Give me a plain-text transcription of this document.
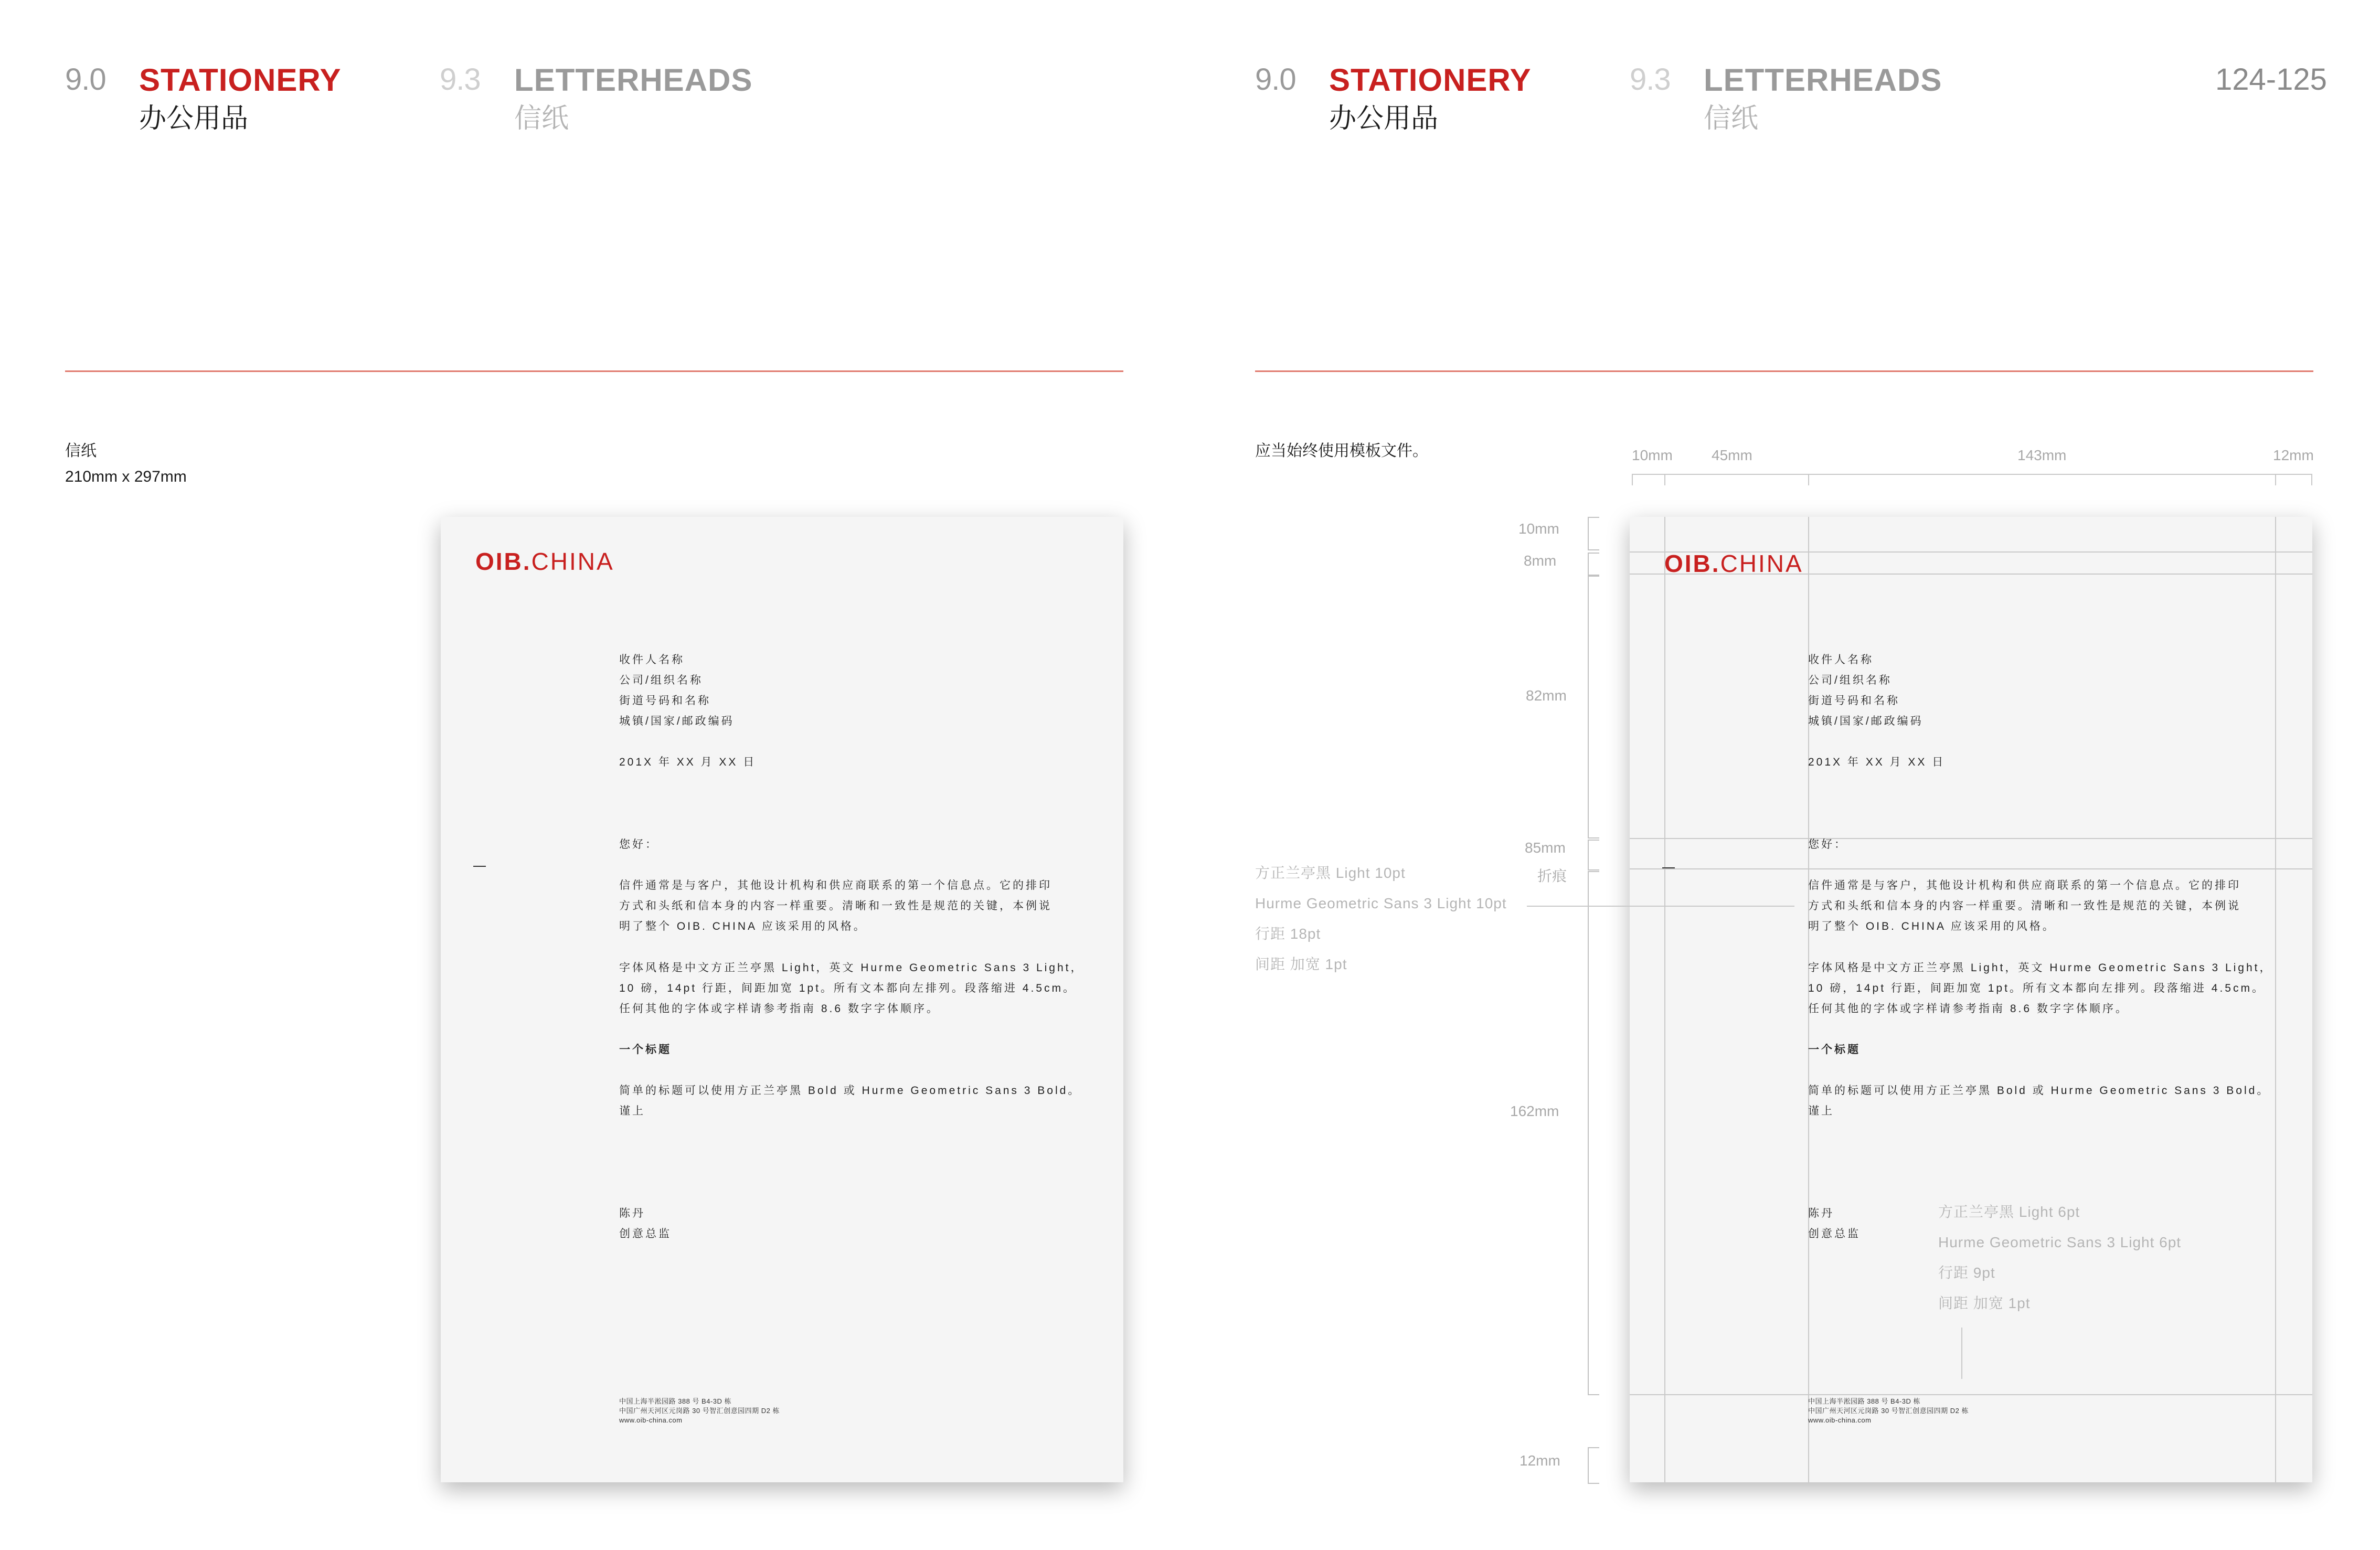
9.0 STATIONERY
办公用品
9.3 LETTERHEADS
信纸
信纸
210mm x 297mm
9.0 STATIONERY
办公用品
9.3 LETTERHEADS
信纸
124-125
应当始终使用模板文件。
OIB.CHINA
收件人名称
公司/组织名称
街道号码和名称
城镇/国家/邮政编码
201X 年 XX 月 XX 日
您好：
信件通常是与客户，其他设计机构和供应商联系的第一个信息点。它的排印
方式和头纸和信本身的内容一样重要。清晰和一致性是规范的关键，本例说
明了整个 OIB. CHINA 应该采用的风格。
字体风格是中文方正兰亭黑 Light，英文 Hurme Geometric Sans 3 Light，
10 磅，14pt 行距，间距加宽 1pt。所有文本都向左排列。段落缩进 4.5cm。
任何其他的字体或字样请参考指南 8.6 数字字体顺序。
一个标题
简单的标题可以使用方正兰亭黑 Bold 或 Hurme Geometric Sans 3 Bold。
谨上
陈丹
创意总监
中国上海半淞园路 388 号 B4-3D 栋
中国广州天河区元岗路 30 号智汇创意园四期 D2 栋
www.oib-china.com
OIB.CHINA
收件人名称
公司/组织名称
街道号码和名称
城镇/国家/邮政编码
201X 年 XX 月 XX 日
您好：
信件通常是与客户，其他设计机构和供应商联系的第一个信息点。它的排印
方式和头纸和信本身的内容一样重要。清晰和一致性是规范的关键，本例说
明了整个 OIB. CHINA 应该采用的风格。
字体风格是中文方正兰亭黑 Light，英文 Hurme Geometric Sans 3 Light，
10 磅，14pt 行距，间距加宽 1pt。所有文本都向左排列。段落缩进 4.5cm。
任何其他的字体或字样请参考指南 8.6 数字字体顺序。
一个标题
简单的标题可以使用方正兰亭黑 Bold 或 Hurme Geometric Sans 3 Bold。
谨上
陈丹
创意总监
方正兰亭黑 Light 6pt
Hurme Geometric Sans 3 Light 6pt
行距 9pt
间距 加宽 1pt
中国上海半淞园路 388 号 B4-3D 栋
中国广州天河区元岗路 30 号智汇创意园四期 D2 栋
www.oib-china.com
10mm	45mm	143mm	12mm
10mm
8mm
82mm
85mm
折痕
162mm
12mm
方正兰亭黑 Light 10pt
Hurme Geometric Sans 3 Light 10pt
行距 18pt
间距 加宽 1pt
